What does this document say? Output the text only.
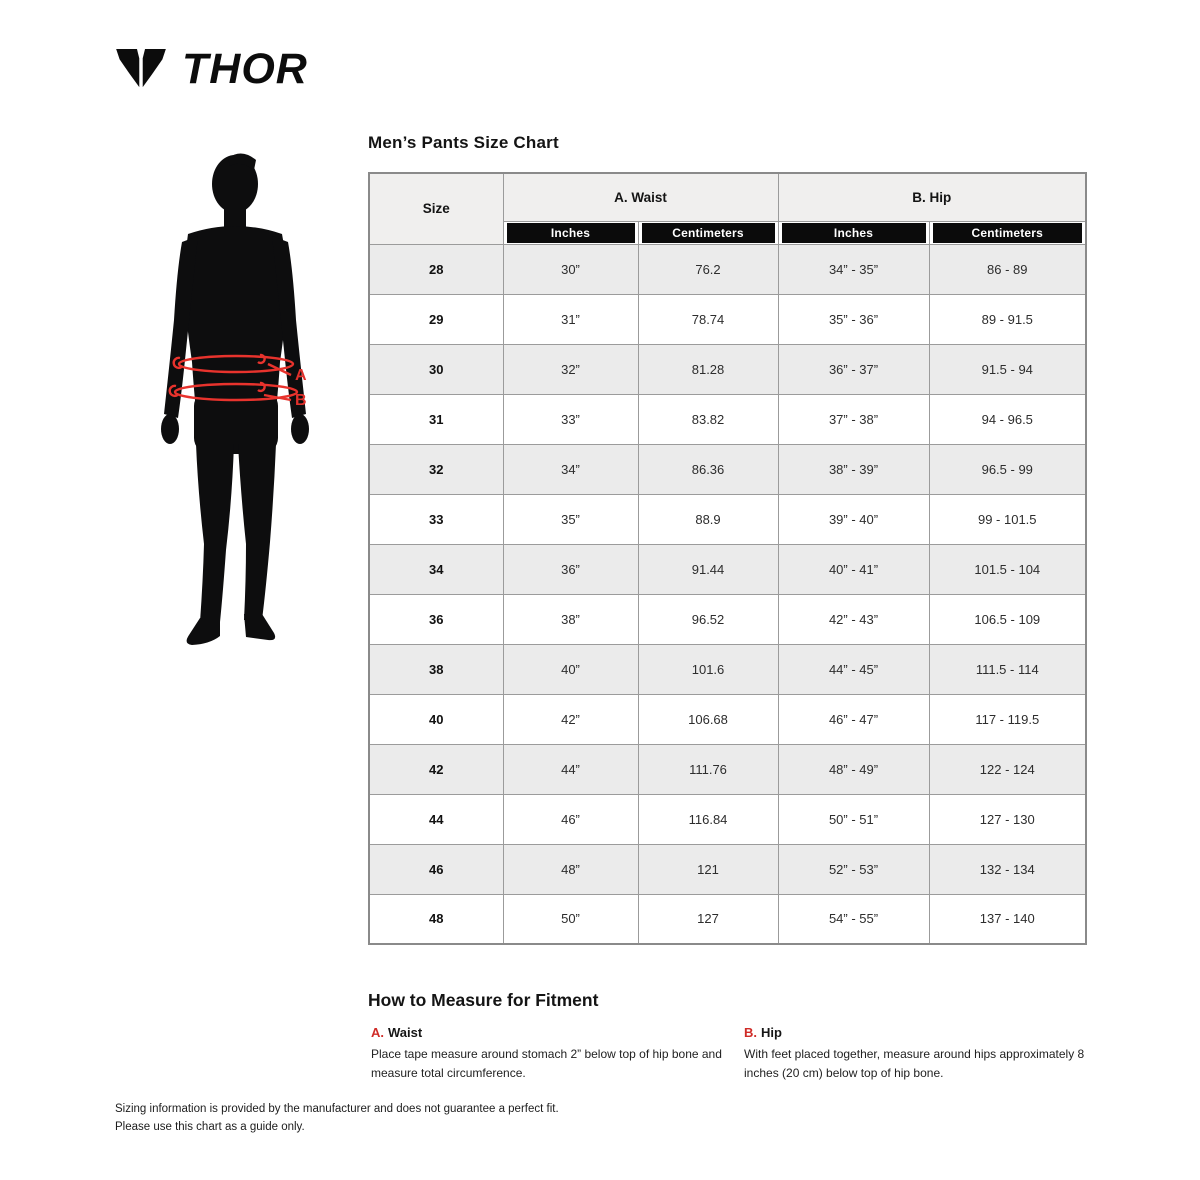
THOR
A
B
Men’s Pants Size Chart
Size	A. Waist		B. Hip	

	Inches	Centimeters	Inches	Centimeters

28	30”	76.2	34” - 35”	86 - 89
29	31”	78.74	35” - 36”	89 - 91.5
30	32”	81.28	36” - 37”	91.5 - 94
31	33”	83.82	37” - 38”	94 - 96.5
32	34”	86.36	38” - 39”	96.5 - 99
33	35”	88.9	39” - 40”	99 - 101.5
34	36”	91.44	40” - 41”	101.5 - 104
36	38”	96.52	42” - 43”	106.5 - 109
38	40”	101.6	44” - 45”	111.5 - 114
40	42”	106.68	46” - 47”	117 - 119.5
42	44”	111.76	48” - 49”	122 - 124
44	46”	116.84	50” - 51”	127 - 130
46	48”	121	52” - 53”	132 - 134
48	50”	127	54” - 55”	137 - 140
How to Measure for Fitment
A. Waist

Place tape measure around stomach 2” below top of hip bone and measure total circumference.

B. Hip

With feet placed together, measure around hips approximately 8 inches (20 cm) below top of hip bone.

Sizing information is provided by the manufacturer and does not guarantee a perfect fit.
Please use this chart as a guide only.
